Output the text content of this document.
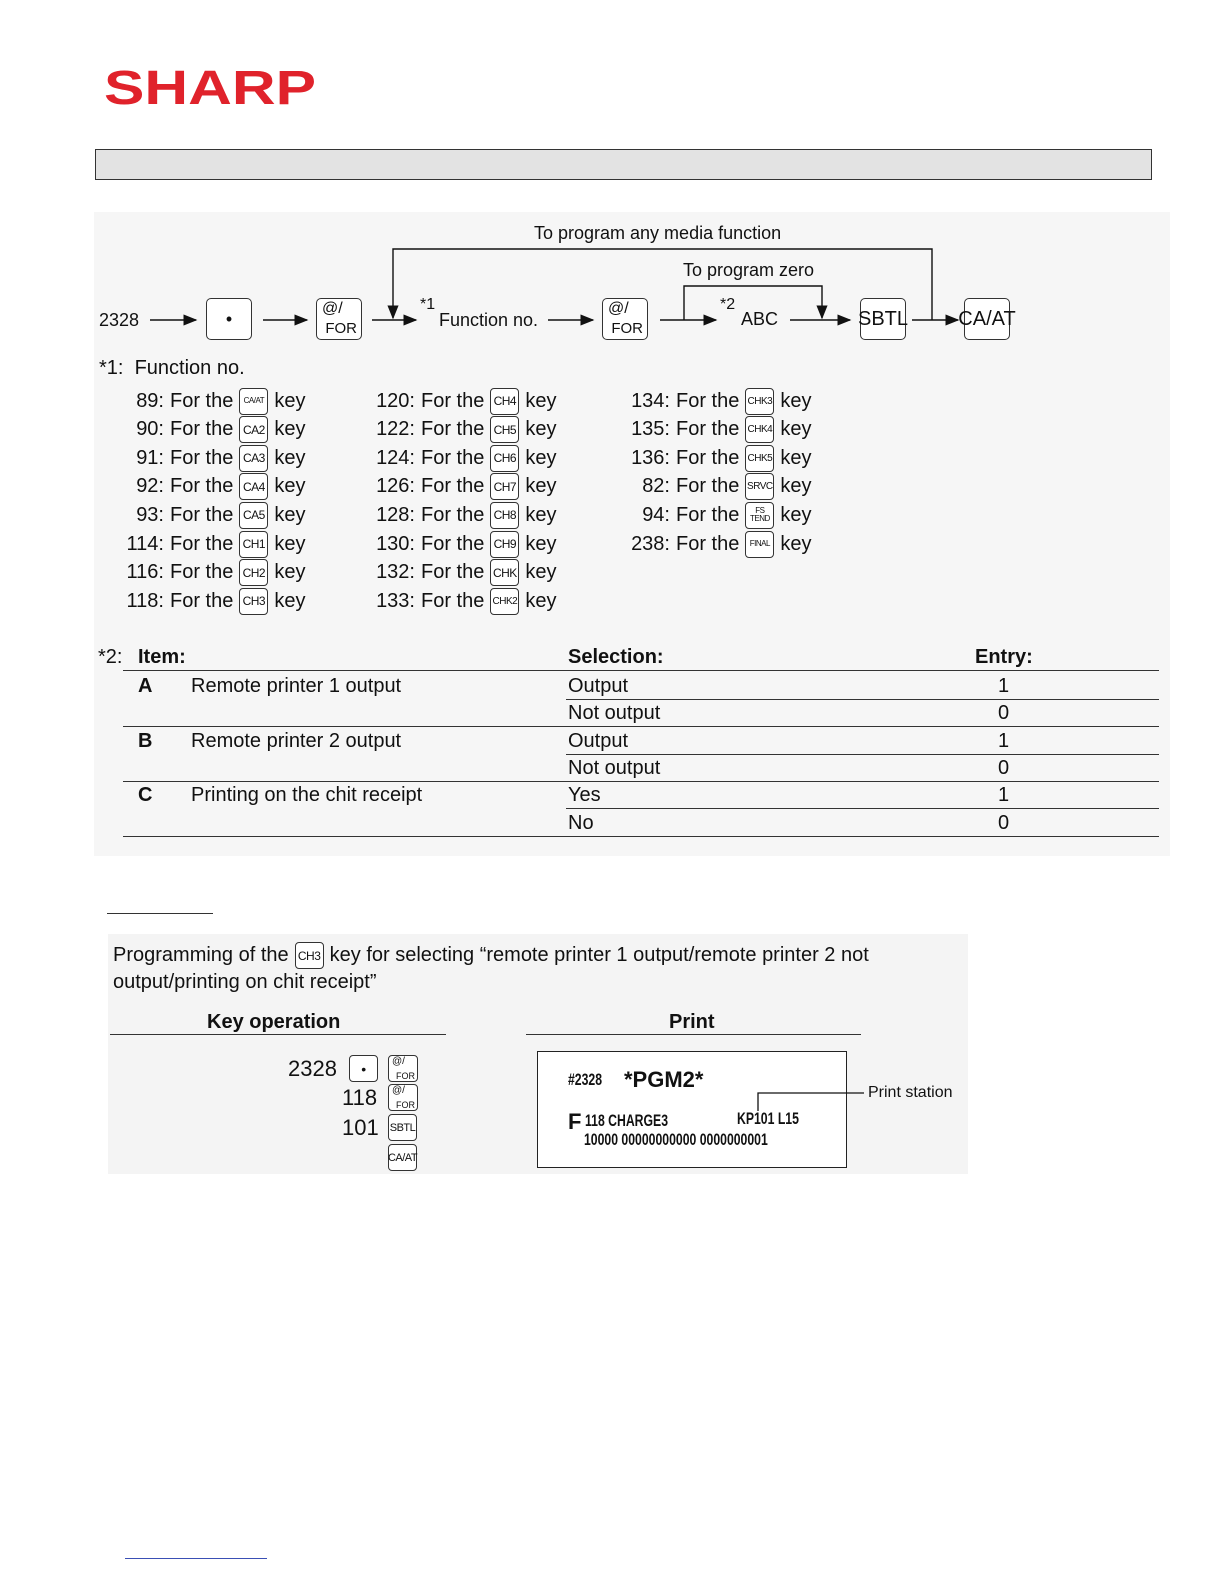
SHARP
To program any media function
To program zero
2328	•	@/
FOR
*1
Function no.
@/
FOR
*2
ABC	SBTL	CA/AT
*1:  Function no.
89: For the	CA/AT key
90: For the CA2 key
91: For the CA3 key
92: For the CA4 key
93: For the CA5 key
114: For the CH1 key
116: For the CH2 key
118: For the CH3 key
120: For the CH4 key
122: For the CH5 key
124: For the CH6 key
126: For the CH7 key
128: For the CH8 key
130: For the CH9 key
132: For the CHK key
133: For the CHK2 key
134: For the CHK3 key
135: For the CHK4 key
136: For the CHK5 key
82: For the SRVC key
94: For the	FS TEND key
238: For the	FINAL key
*2: Item:	Selection:	Entry:
A Remote printer 1 output	Output	1
Not output	0
B Remote printer 2 output	Output	1
Not output	0
C Printing on the chit receipt	Yes	1
No	0
Programming of the CH3 key for selecting “remote printer 1 output/remote printer 2 not
output/printing on chit receipt”
Key operation	Print
2328	•	@/
FOR
118 @/
FOR
101 SBTL
CA/AT
#2328 *PGM2*
F 118 CHARGE3	KP101 L15
10000 00000000000 0000000001
Print station
